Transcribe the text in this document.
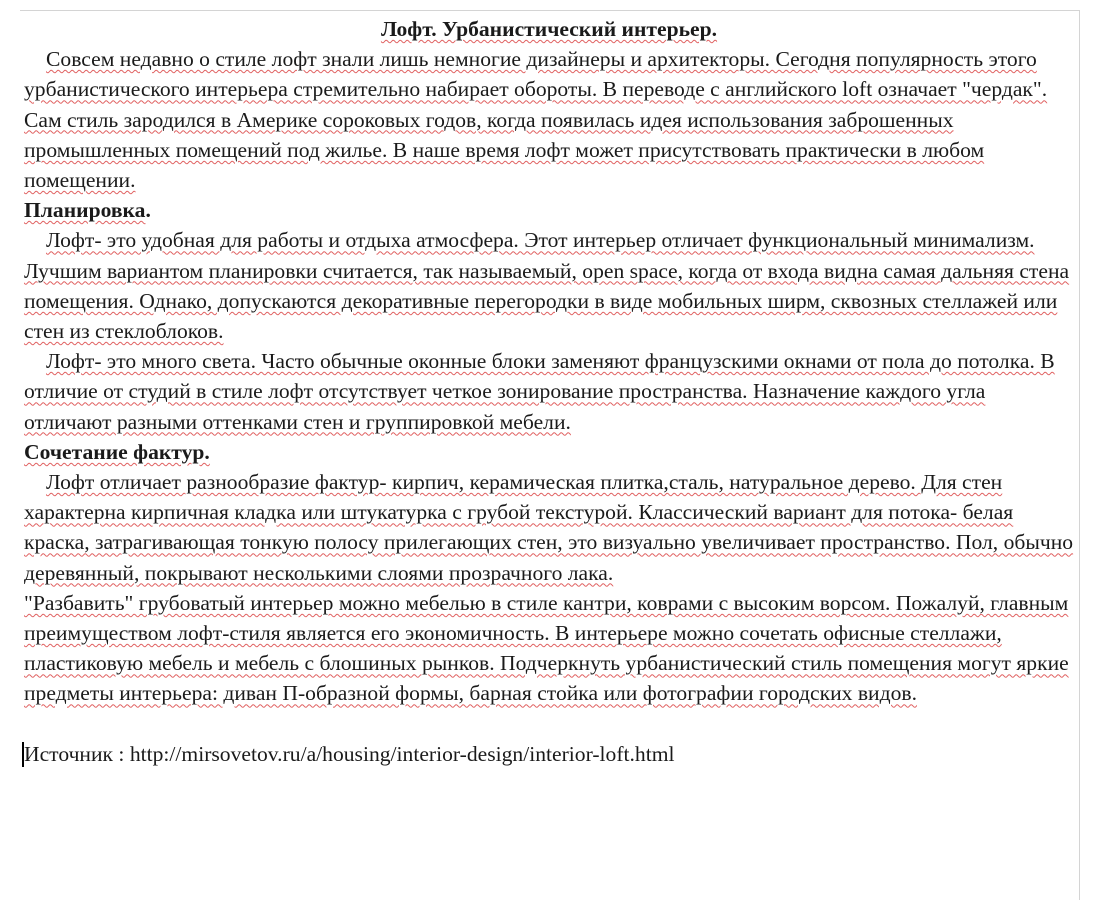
Лофт. Урбанистический интерьер.

Совсем недавно о стиле лофт знали лишь немногие дизайнеры и архитекторы. Сегодня популярность этого урбанистического интерьера стремительно набирает обороты. В переводе с английского loft означает "чердак". Сам стиль зародился в Америке сороковых годов, когда появилась идея использования заброшенных промышленных помещений под жилье. В наше время лофт может присутствовать практически в любом помещении.

Планировка.

Лофт- это удобная для работы и отдыха атмосфера. Этот интерьер отличает функциональный минимализм. Лучшим вариантом планировки считается, так называемый, open space, когда от входа видна самая дальняя стена помещения. Однако, допускаются декоративные перегородки в виде мобильных ширм, сквозных стеллажей или стен из стеклоблоков.

Лофт- это много света. Часто обычные оконные блоки заменяют французскими окнами от пола до потолка. В отличие от студий в стиле лофт отсутствует четкое зонирование пространства. Назначение каждого угла отличают разными оттенками стен и группировкой мебели.

Сочетание фактур.

Лофт отличает разнообразие фактур- кирпич, керамическая плитка,сталь, натуральное дерево. Для стен характерна кирпичная кладка или штукатурка с грубой текстурой. Классический вариант для потока- белая краска, затрагивающая тонкую полосу прилегающих стен, это визуально увеличивает пространство. Пол, обычно деревянный, покрывают несколькими слоями прозрачного лака.

"Разбавить" грубоватый интерьер можно мебелью в стиле кантри, коврами с высоким ворсом. Пожалуй, главным преимуществом лофт-стиля является его экономичность. В интерьере можно сочетать офисные стеллажи, пластиковую мебель и мебель с блошиных рынков. Подчеркнуть урбанистический стиль помещения могут яркие предметы интерьера: диван П-образной формы, барная стойка или фотографии городских видов.

Источник : http://mirsovetov.ru/a/housing/interior-design/interior-loft.html
